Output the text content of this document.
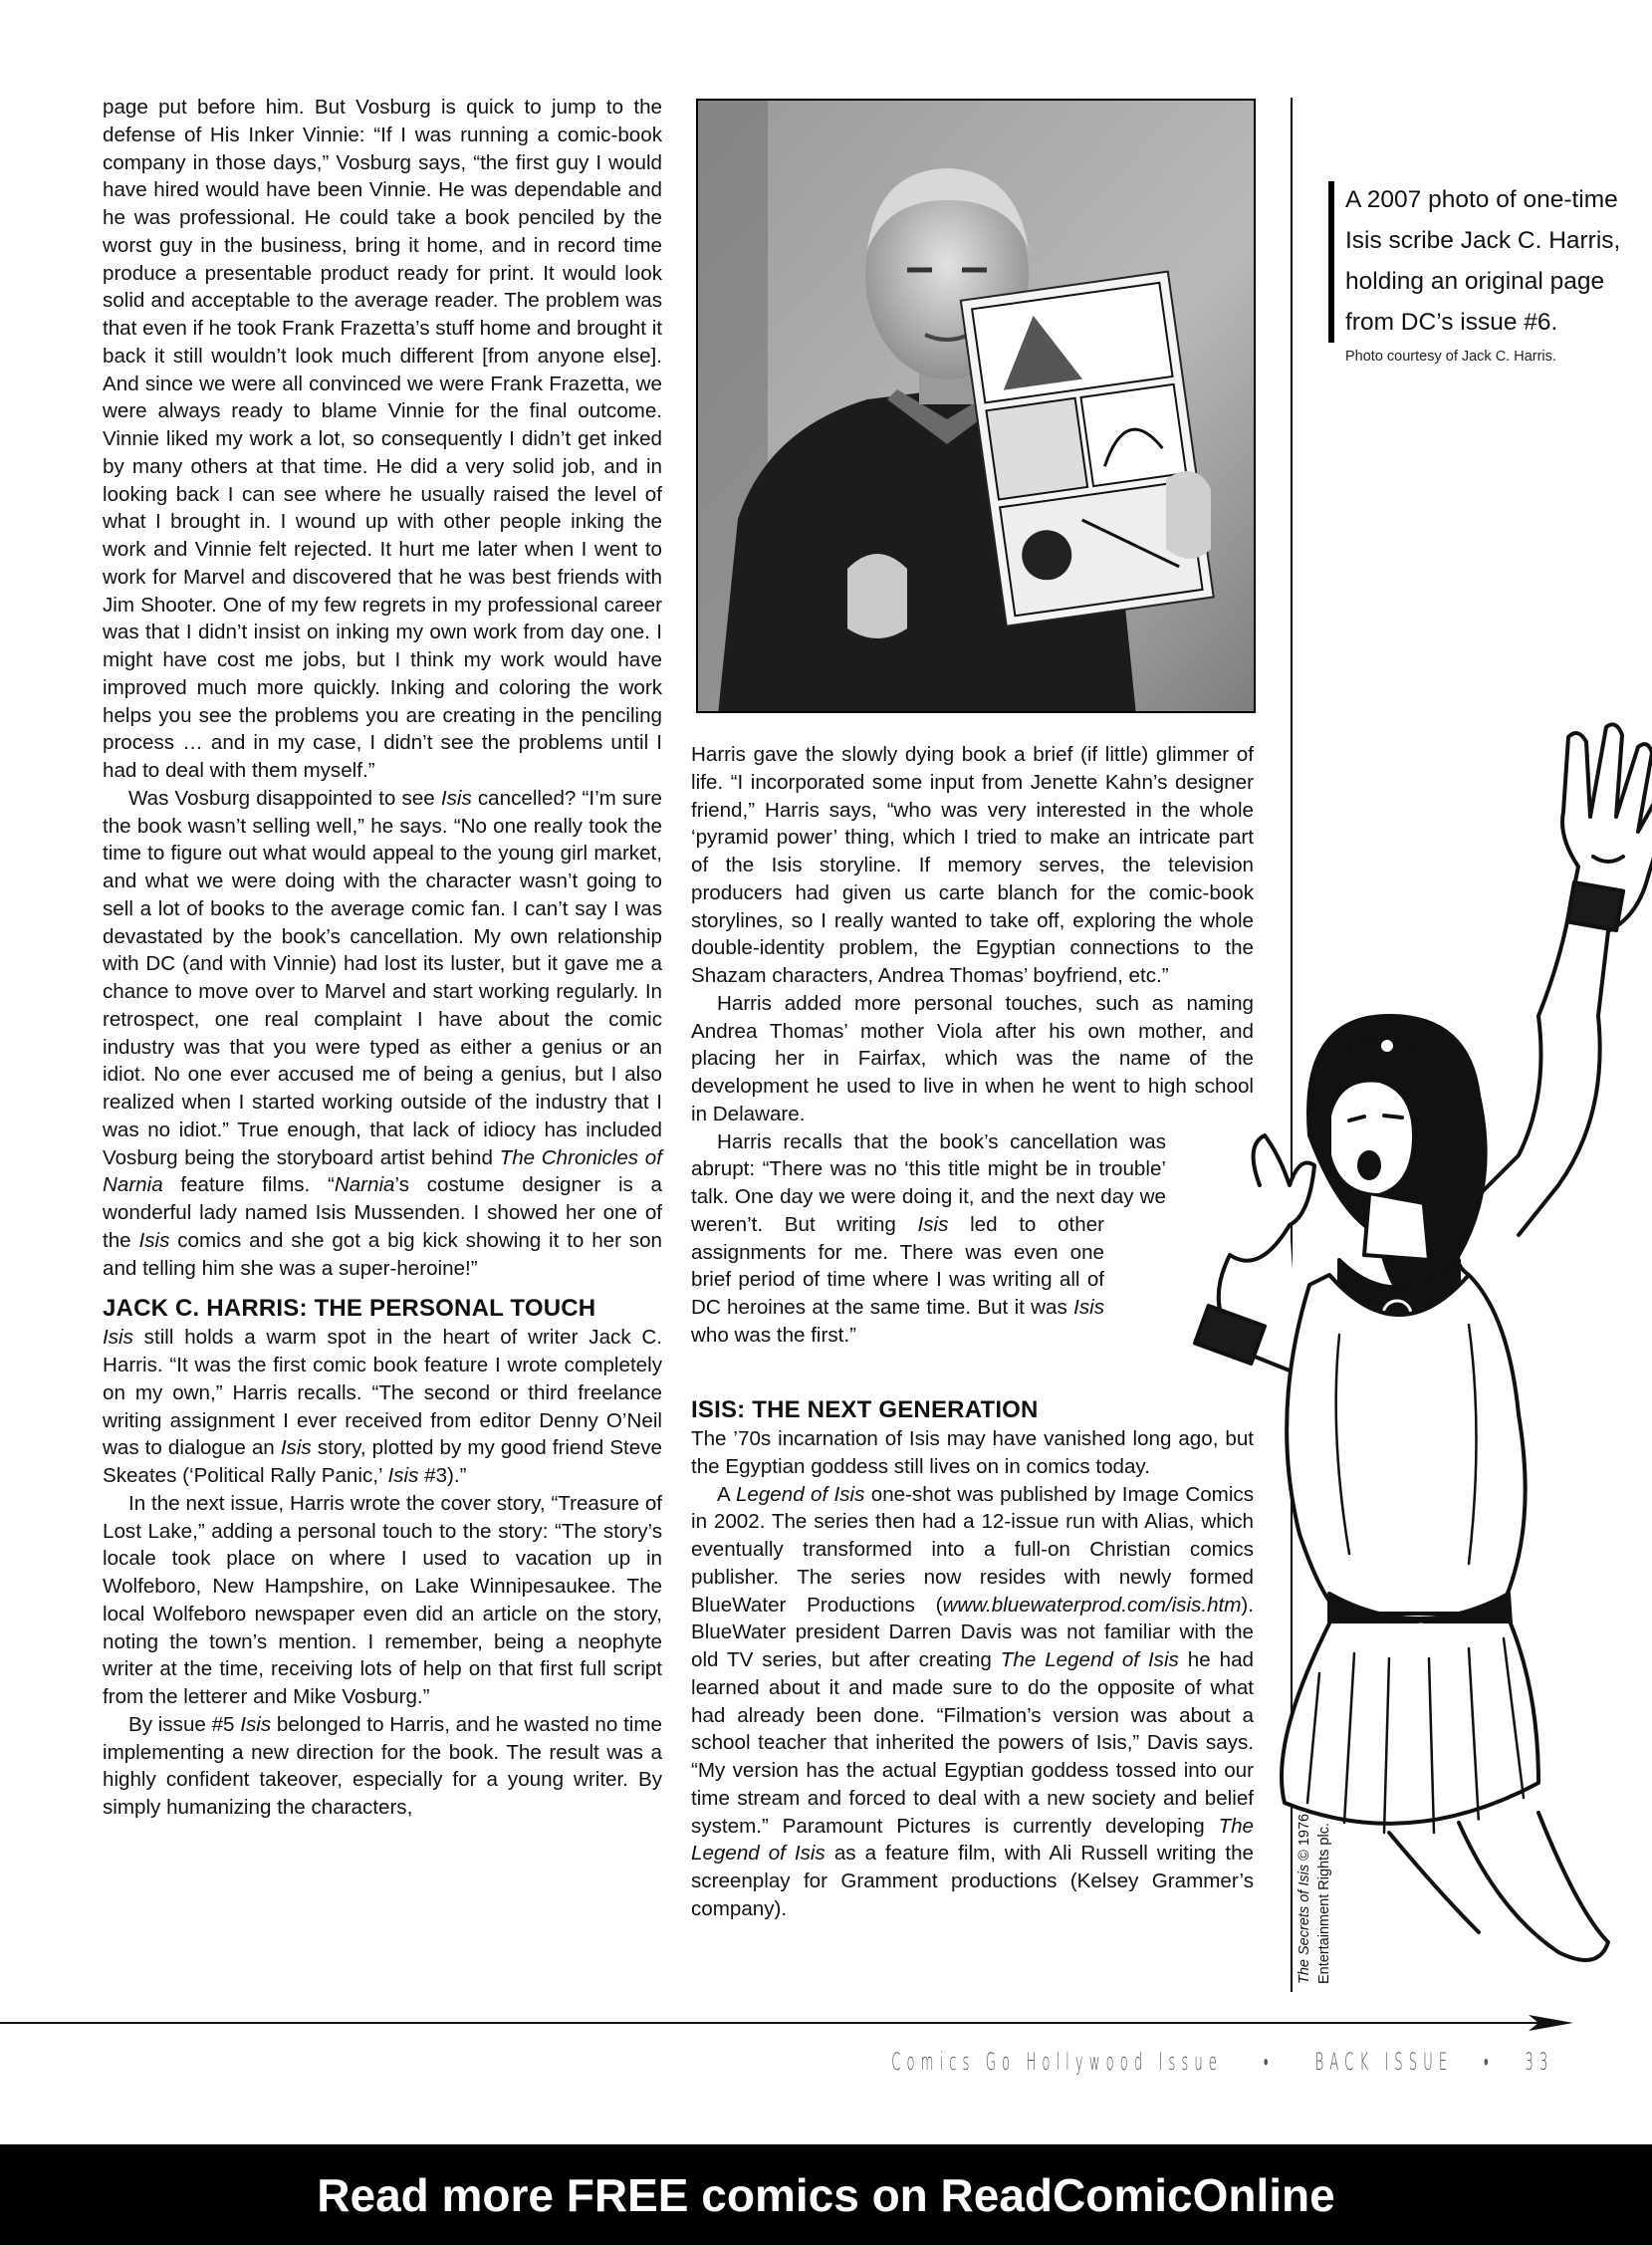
page put before him. But Vosburg is quick to jump to the defense of His Inker Vinnie: “If I was running a comic-book company in those days,” Vosburg says, “the first guy I would have hired would have been Vinnie. He was dependable and he was professional. He could take a book penciled by the worst guy in the business, bring it home, and in record time produce a presentable product ready for print. It would look solid and acceptable to the average reader. The problem was that even if he took Frank Frazetta’s stuff home and brought it back it still wouldn’t look much different [from anyone else]. And since we were all convinced we were Frank Frazetta, we were always ready to blame Vinnie for the final outcome. Vinnie liked my work a lot, so consequently I didn’t get inked by many others at that time. He did a very solid job, and in looking back I can see where he usually raised the level of what I brought in. I wound up with other people inking the work and Vinnie felt rejected. It hurt me later when I went to work for Marvel and discovered that he was best friends with Jim Shooter. One of my few regrets in my professional career was that I didn’t insist on inking my own work from day one. I might have cost me jobs, but I think my work would have improved much more quickly. Inking and coloring the work helps you see the problems you are creating in the penciling process … and in my case, I didn’t see the problems until I had to deal with them myself.”

Was Vosburg disappointed to see Isis cancelled? “I’m sure the book wasn’t selling well,” he says. “No one really took the time to figure out what would appeal to the young girl market, and what we were doing with the character wasn’t going to sell a lot of books to the average comic fan. I can’t say I was devastated by the book’s cancellation. My own relationship with DC (and with Vinnie) had lost its luster, but it gave me a chance to move over to Marvel and start working regularly. In retrospect, one real complaint I have about the comic industry was that you were typed as either a genius or an idiot. No one ever accused me of being a genius, but I also realized when I started working outside of the industry that I was no idiot.” True enough, that lack of idiocy has included Vosburg being the storyboard artist behind The Chronicles of Narnia feature films. “Narnia’s costume designer is a wonderful lady named Isis Mussenden. I showed her one of the Isis comics and she got a big kick showing it to her son and telling him she was a super-heroine!”

JACK C. HARRIS: THE PERSONAL TOUCH

Isis still holds a warm spot in the heart of writer Jack C. Harris. “It was the first comic book feature I wrote completely on my own,” Harris recalls. “The second or third freelance writing assignment I ever received from editor Denny O’Neil was to dialogue an Isis story, plotted by my good friend Steve Skeates (‘Political Rally Panic,’ Isis #3).”

In the next issue, Harris wrote the cover story, “Treasure of Lost Lake,” adding a personal touch to the story: “The story’s locale took place on where I used to vacation up in Wolfeboro, New Hampshire, on Lake Winnipesaukee. The local Wolfeboro newspaper even did an article on the story, noting the town’s mention. I remember, being a neophyte writer at the time, receiving lots of help on that first full script from the letterer and Mike Vosburg.”

By issue #5 Isis belonged to Harris, and he wasted no time implementing a new direction for the book. The result was a highly confident takeover, especially for a young writer. By simply humanizing the characters,

Harris gave the slowly dying book a brief (if little) glimmer of life. “I incorporated some input from Jenette Kahn’s designer friend,” Harris says, “who was very interested in the whole ‘pyramid power’ thing, which I tried to make an intricate part of the Isis storyline. If memory serves, the television producers had given us carte blanch for the comic-book storylines, so I really wanted to take off, exploring the whole double-identity problem, the Egyptian connections to the Shazam characters, Andrea Thomas’ boyfriend, etc.”

Harris added more personal touches, such as naming Andrea Thomas’ mother Viola after his own mother, and placing her in Fairfax, which was the name of the development he used to live in when he went to high school in Delaware.

Harris recalls that the book’s cancellation was abrupt: “There was no ‘this title might be in trouble’ talk. One day we were doing it, and the next day we weren’t. But writing Isis led to other assignments for me. There was even one brief period of time where I was writing all of DC heroines at the same time. But it was Isis who was the first.”

ISIS: THE NEXT GENERATION

The ’70s incarnation of Isis may have vanished long ago, but the Egyptian goddess still lives on in comics today.

A Legend of Isis one-shot was published by Image Comics in 2002. The series then had a 12-issue run with Alias, which eventually transformed into a full-on Christian comics publisher. The series now resides with newly formed BlueWater Productions (www.bluewaterprod.com/isis.htm). BlueWater president Darren Davis was not familiar with the old TV series, but after creating The Legend of Isis he had learned about it and made sure to do the opposite of what had already been done. “Filmation’s version was about a school teacher that inherited the powers of Isis,” Davis says. “My version has the actual Egyptian goddess tossed into our time stream and forced to deal with a new society and belief system.” Paramount Pictures is currently developing The Legend of Isis as a feature film, with Ali Russell writing the screenplay for Gramment productions (Kelsey Grammer’s company).

A 2007 photo of one-time Isis scribe Jack C. Harris, holding an original page from DC’s issue #6.
Photo courtesy of Jack C. Harris.
The Secrets of Isis © 1976 Entertainment Rights plc.
Comics Go Hollywood Issue • BACK ISSUE • 33
Read more FREE comics on ReadComicOnline
